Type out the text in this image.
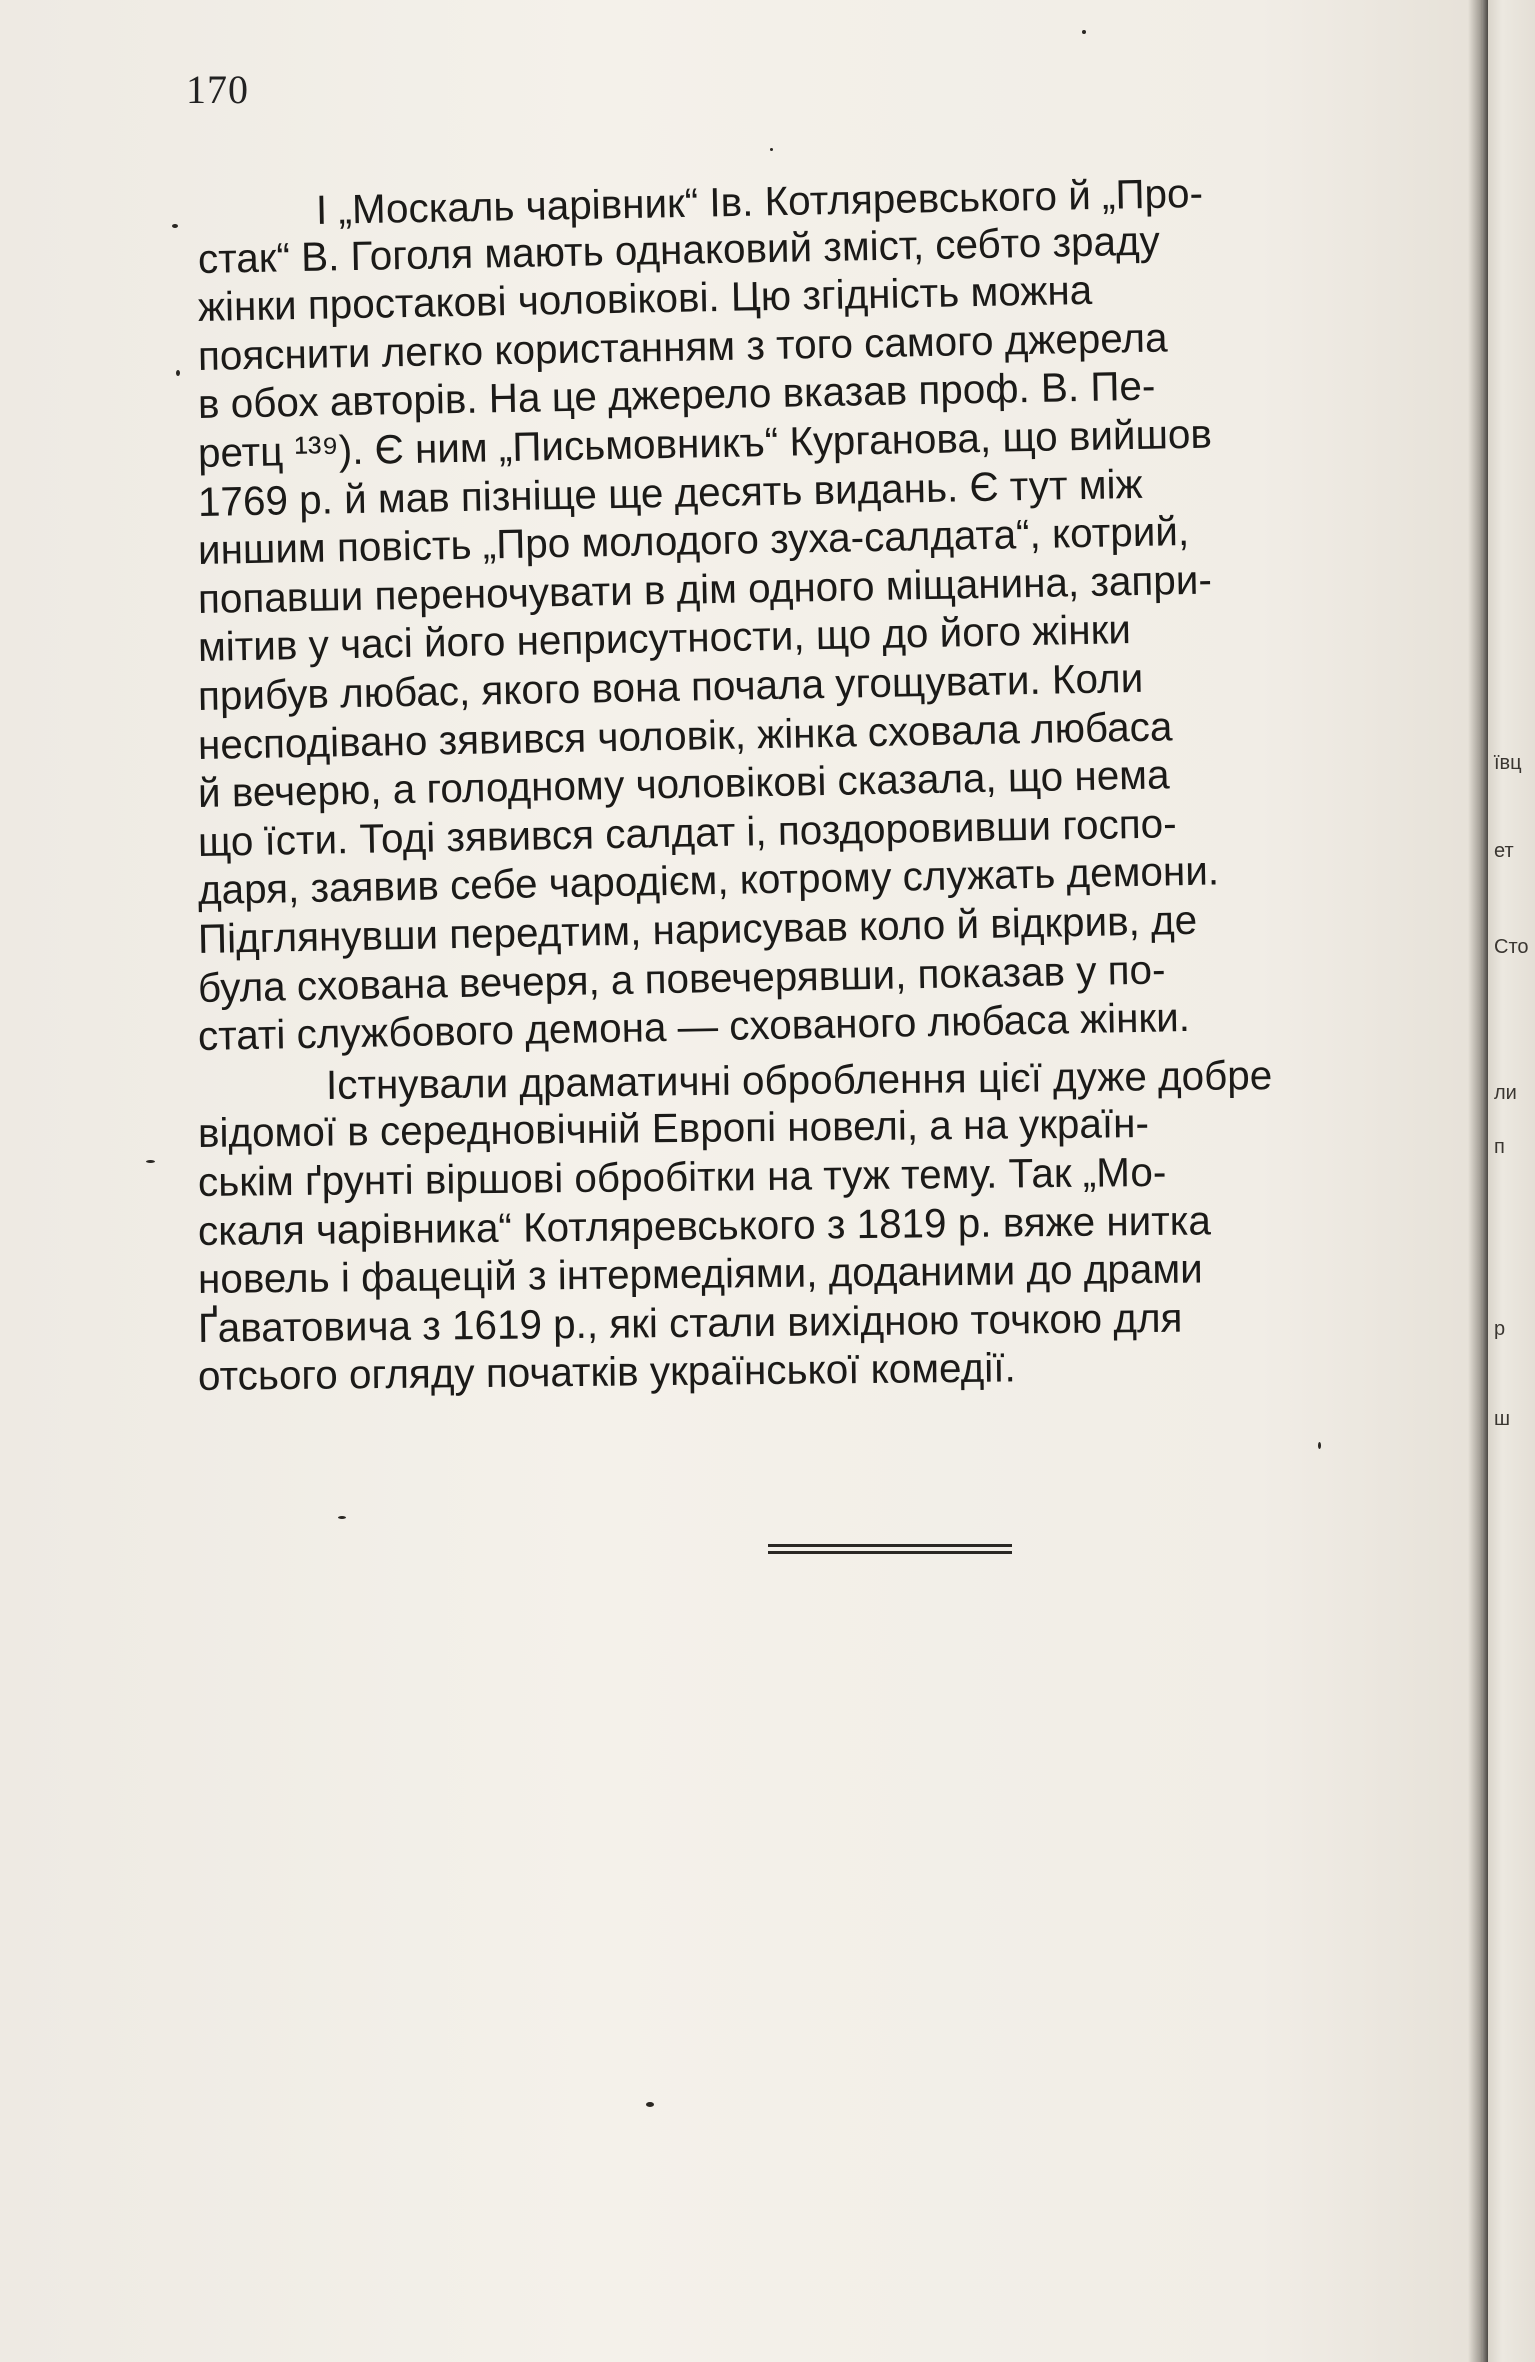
170
І „Москаль чарівник“ Ів. Котляревського й „Про-
стак“ В. Гоголя мають однаковий зміст, себто зраду
жінки простакові чоловікові. Цю згідність можна
пояснити легко користанням з того самого джерела
в обох авторів. На це джерело вказав проф. В. Пе-
ретц ¹³⁹). Є ним „Письмовникъ“ Курганова, що вийшов
1769 р. й мав пізніще ще десять видань. Є тут між
иншим повість „Про молодого зуха-салдата“, котрий,
попавши переночувати в дім одного міщанина, запри-
мітив у часі його неприсутности, що до його жінки
прибув любас, якого вона почала угощувати. Коли
несподівано зявився чоловік, жінка сховала любаса
й вечерю, а голодному чоловікові сказала, що нема
що їсти. Тоді зявився салдат і, поздоровивши госпо-
даря, заявив себе чародієм, котрому служать демони.
Підглянувши передтим, нарисував коло й відкрив, де
була схована вечеря, а повечерявши, показав у по-
статі службового демона — схованого любаса жінки.
Істнували драматичні оброблення цієї дуже добре
відомої в середновічній Европі новелі, а на україн-
ськім ґрунті віршові обробітки на туж тему. Так „Мо-
скаля чарівника“ Котляревського з 1819 р. вяже нитка
новель і фацецій з інтермедіями, доданими до драми
Ґаватовича з 1619 р., які стали вихідною точкою для
отсього огляду початків української комедії.
ївц
ет
Сто
ли
п
р
ш
